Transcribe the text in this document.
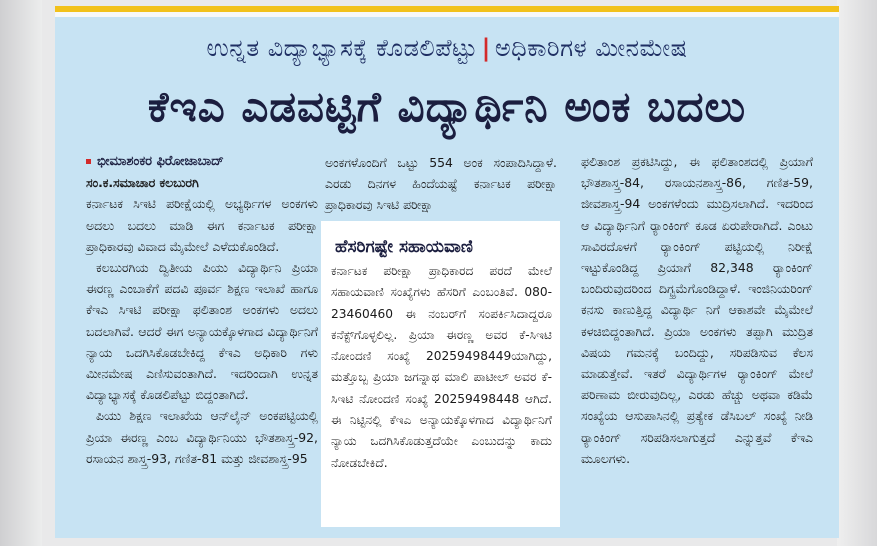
ಉನ್ನತ ವಿದ್ಯಾಭ್ಯಾಸಕ್ಕೆ ಕೊಡಲಿಪೆಟ್ಟು | ಅಧಿಕಾರಿಗಳ ಮೀನಮೇಷ
ಕೆಇಎ ಎಡವಟ್ಟಿಗೆ ವಿದ್ಯಾರ್ಥಿನಿ ಅಂಕ ಬದಲು
ಭೀಮಾಶಂಕರ ಫಿರೋಜಾಬಾದ್
ಸಂ.ಕ.ಸಮಾಚಾರ ಕಲಬುರಗಿ

ಕರ್ನಾಟಕ ಸಿಇಟಿ ಪರೀಕ್ಷೆಯಲ್ಲಿ ಅಭ್ಯರ್ಥಿಗಳ ಅಂಕಗಳು ಅದಲು ಬದಲು ಮಾಡಿ ಈಗ ಕರ್ನಾಟಕ ಪರೀಕ್ಷಾ ಪ್ರಾಧಿಕಾರವು ವಿವಾದ ಮೈಮೇಲೆ ಎಳೆದುಕೊಂಡಿದೆ.

ಕಲಬುರಗಿಯ ದ್ವಿತೀಯ ಪಿಯು ವಿದ್ಯಾರ್ಥಿನಿ ಪ್ರಿಯಾ ಈರಣ್ಣ ಎಂಬಾಕೆಗೆ ಪದವಿ ಪೂರ್ವ ಶಿಕ್ಷಣ ಇಲಾಖೆ ಹಾಗೂ ಕೆಇಎ ಸಿಇಟಿ ಪರೀಕ್ಷಾ ಫಲಿತಾಂಶ ಅಂಕಗಳು ಅದಲು ಬದಲಾಗಿವೆ. ಆದರೆ ಈಗ ಅನ್ಯಾಯಕ್ಕೊಳಗಾದ ವಿದ್ಯಾರ್ಥಿನಿಗೆ ನ್ಯಾಯ ಒದಗಿಸಿಕೊಡಬೇಕಿದ್ದ ಕೆಇಎ ಅಧಿಕಾರಿ ಗಳು ಮೀನಮೇಷ ಎಣಿಸುವಂತಾಗಿದೆ. ಇದರಿಂದಾಗಿ ಉನ್ನತ ವಿದ್ಯಾಭ್ಯಾಸಕ್ಕೆ ಕೊಡಲಿಪೆಟ್ಟು ಬಿದ್ದಂತಾಗಿದೆ.

ಪಿಯು ಶಿಕ್ಷಣ ಇಲಾಖೆಯ ಆನ್‌ಲೈನ್ ಅಂಕಪಟ್ಟಿಯಲ್ಲಿ ಪ್ರಿಯಾ ಈರಣ್ಣ ಎಂಬ ವಿದ್ಯಾರ್ಥಿನಿಯು ಭೌತಶಾಸ್ತ್ರ-92, ರಸಾಯನ ಶಾಸ್ತ್ರ-93, ಗಣಿತ-81 ಮತ್ತು ಜೀವಶಾಸ್ತ್ರ-95

ಅಂಕಗಳೊಂದಿಗೆ ಒಟ್ಟು 554 ಅಂಕ ಸಂಪಾದಿಸಿದ್ದಾಳೆ. ಎರಡು ದಿನಗಳ ಹಿಂದೆಯಷ್ಟೆ ಕರ್ನಾಟಕ ಪರೀಕ್ಷಾ ಪ್ರಾಧಿಕಾರವು ಸಿಇಟಿ ಪರೀಕ್ಷಾ

ಹೆಸರಿಗಷ್ಟೇ ಸಹಾಯವಾಣಿ
ಕರ್ನಾಟಕ ಪರೀಕ್ಷಾ ಪ್ರಾಧಿಕಾರದ ಪರದೆ ಮೇಲೆ ಸಹಾಯವಾಣಿ ಸಂಖ್ಯೆಗಳು ಹೆಸರಿಗೆ ಎಂಬಂತಿವೆ. 080-23460460 ಈ ನಂಬರ್‌ಗೆ ಸಂಪರ್ಕಿಸಿದಾದ್ದರೂ ಕನೆಕ್ಟ್‌ಗೊಳ್ಳಲಿಲ್ಲ. ಪ್ರಿಯಾ ಈರಣ್ಣ ಅವರ ಕೆ-ಸಿಇಟಿ ನೋಂದಣಿ ಸಂಖ್ಯೆ 20259498449ಯಾಗಿದ್ದು, ಮತ್ತೊಬ್ಬ ಪ್ರಿಯಾ ಜಗನ್ನಾಥ ಮಾಲಿ ಪಾಟೀಲ್ ಅವರ ಕೆ-ಸಿಇಟಿ ನೋಂದಣಿ ಸಂಖ್ಯೆ 20259498448 ಆಗಿದೆ. ಈ ನಿಟ್ಟಿನಲ್ಲಿ ಕೆಇಎ ಅನ್ಯಾಯಕ್ಕೊಳಗಾದ ವಿದ್ಯಾರ್ಥಿನಿಗೆ ನ್ಯಾಯ ಒದಗಿಸಿಕೊಡುತ್ತದೆಯೇ ಎಂಬುದನ್ನು ಕಾದು ನೋಡಬೇಕಿದೆ.

ಫಲಿತಾಂಶ ಪ್ರಕಟಿಸಿದ್ದು, ಈ ಫಲಿತಾಂಶದಲ್ಲಿ ಪ್ರಿಯಾಗೆ ಭೌತಶಾಸ್ತ್ರ-84, ರಸಾಯನಶಾಸ್ತ್ರ-86, ಗಣಿತ-59, ಜೀವಶಾಸ್ತ್ರ-94 ಅಂಕಗಳೆಂದು ಮುದ್ರಿಸಲಾಗಿದೆ. ಇದರಿಂದ ಆ ವಿದ್ಯಾರ್ಥಿನಿಗೆ ರ‍್ಯಾಂಕಿಂಗ್ ಕೂಡ ಏರುಪೇರಾಗಿದೆ. ಎಂಟು ಸಾವಿರದೊಳಗೆ ರ‍್ಯಾಂಕಿಂಗ್ ಪಟ್ಟಿಯಲ್ಲಿ ನಿರೀಕ್ಷೆ ಇಟ್ಟುಕೊಂಡಿದ್ದ ಪ್ರಿಯಾಗೆ 82,348 ರ‍್ಯಾಂಕಿಂಗ್ ಬಂದಿರುವುದರಿಂದ ದಿಗ್ಭ್ರಮೆಗೊಂಡಿದ್ದಾಳೆ. ಇಂಜಿನಿಯರಿಂಗ್ ಕನಸು ಕಾಣುತ್ತಿದ್ದ ವಿದ್ಯಾರ್ಥಿ ನಿಗೆ ಆಕಾಶವೇ ಮೈಮೇಲೆ ಕಳಚಿಬಿದ್ದಂತಾಗಿದೆ. ಪ್ರಿಯಾ ಅಂಕಗಳು ತಪ್ಪಾಗಿ ಮುದ್ರಿತ ವಿಷಯ ಗಮನಕ್ಕೆ ಬಂದಿದ್ದು, ಸರಿಪಡಿಸುವ ಕೆಲಸ ಮಾಡುತ್ತೇವೆ. ಇತರೆ ವಿದ್ಯಾರ್ಥಿಗಳ ರ‍್ಯಾಂಕಿಂಗ್ ಮೇಲೆ ಪರಿಣಾಮ ಬೀರುವುದಿಲ್ಲ, ಎರಡು ಹೆಚ್ಚು ಅಥವಾ ಕಡಿಮೆ ಸಂಖ್ಯೆಯ ಆಸುಪಾಸಿನಲ್ಲಿ ಪ್ರತ್ಯೇಕ ಡೆಸಿಬಲ್ ಸಂಖ್ಯೆ ನೀಡಿ ರ‍್ಯಾಂಕಿಂಗ್ ಸರಿಪಡಿಸಲಾಗುತ್ತದೆ ಎನ್ನುತ್ತವೆ ಕೆಇಎ ಮೂಲಗಳು.
